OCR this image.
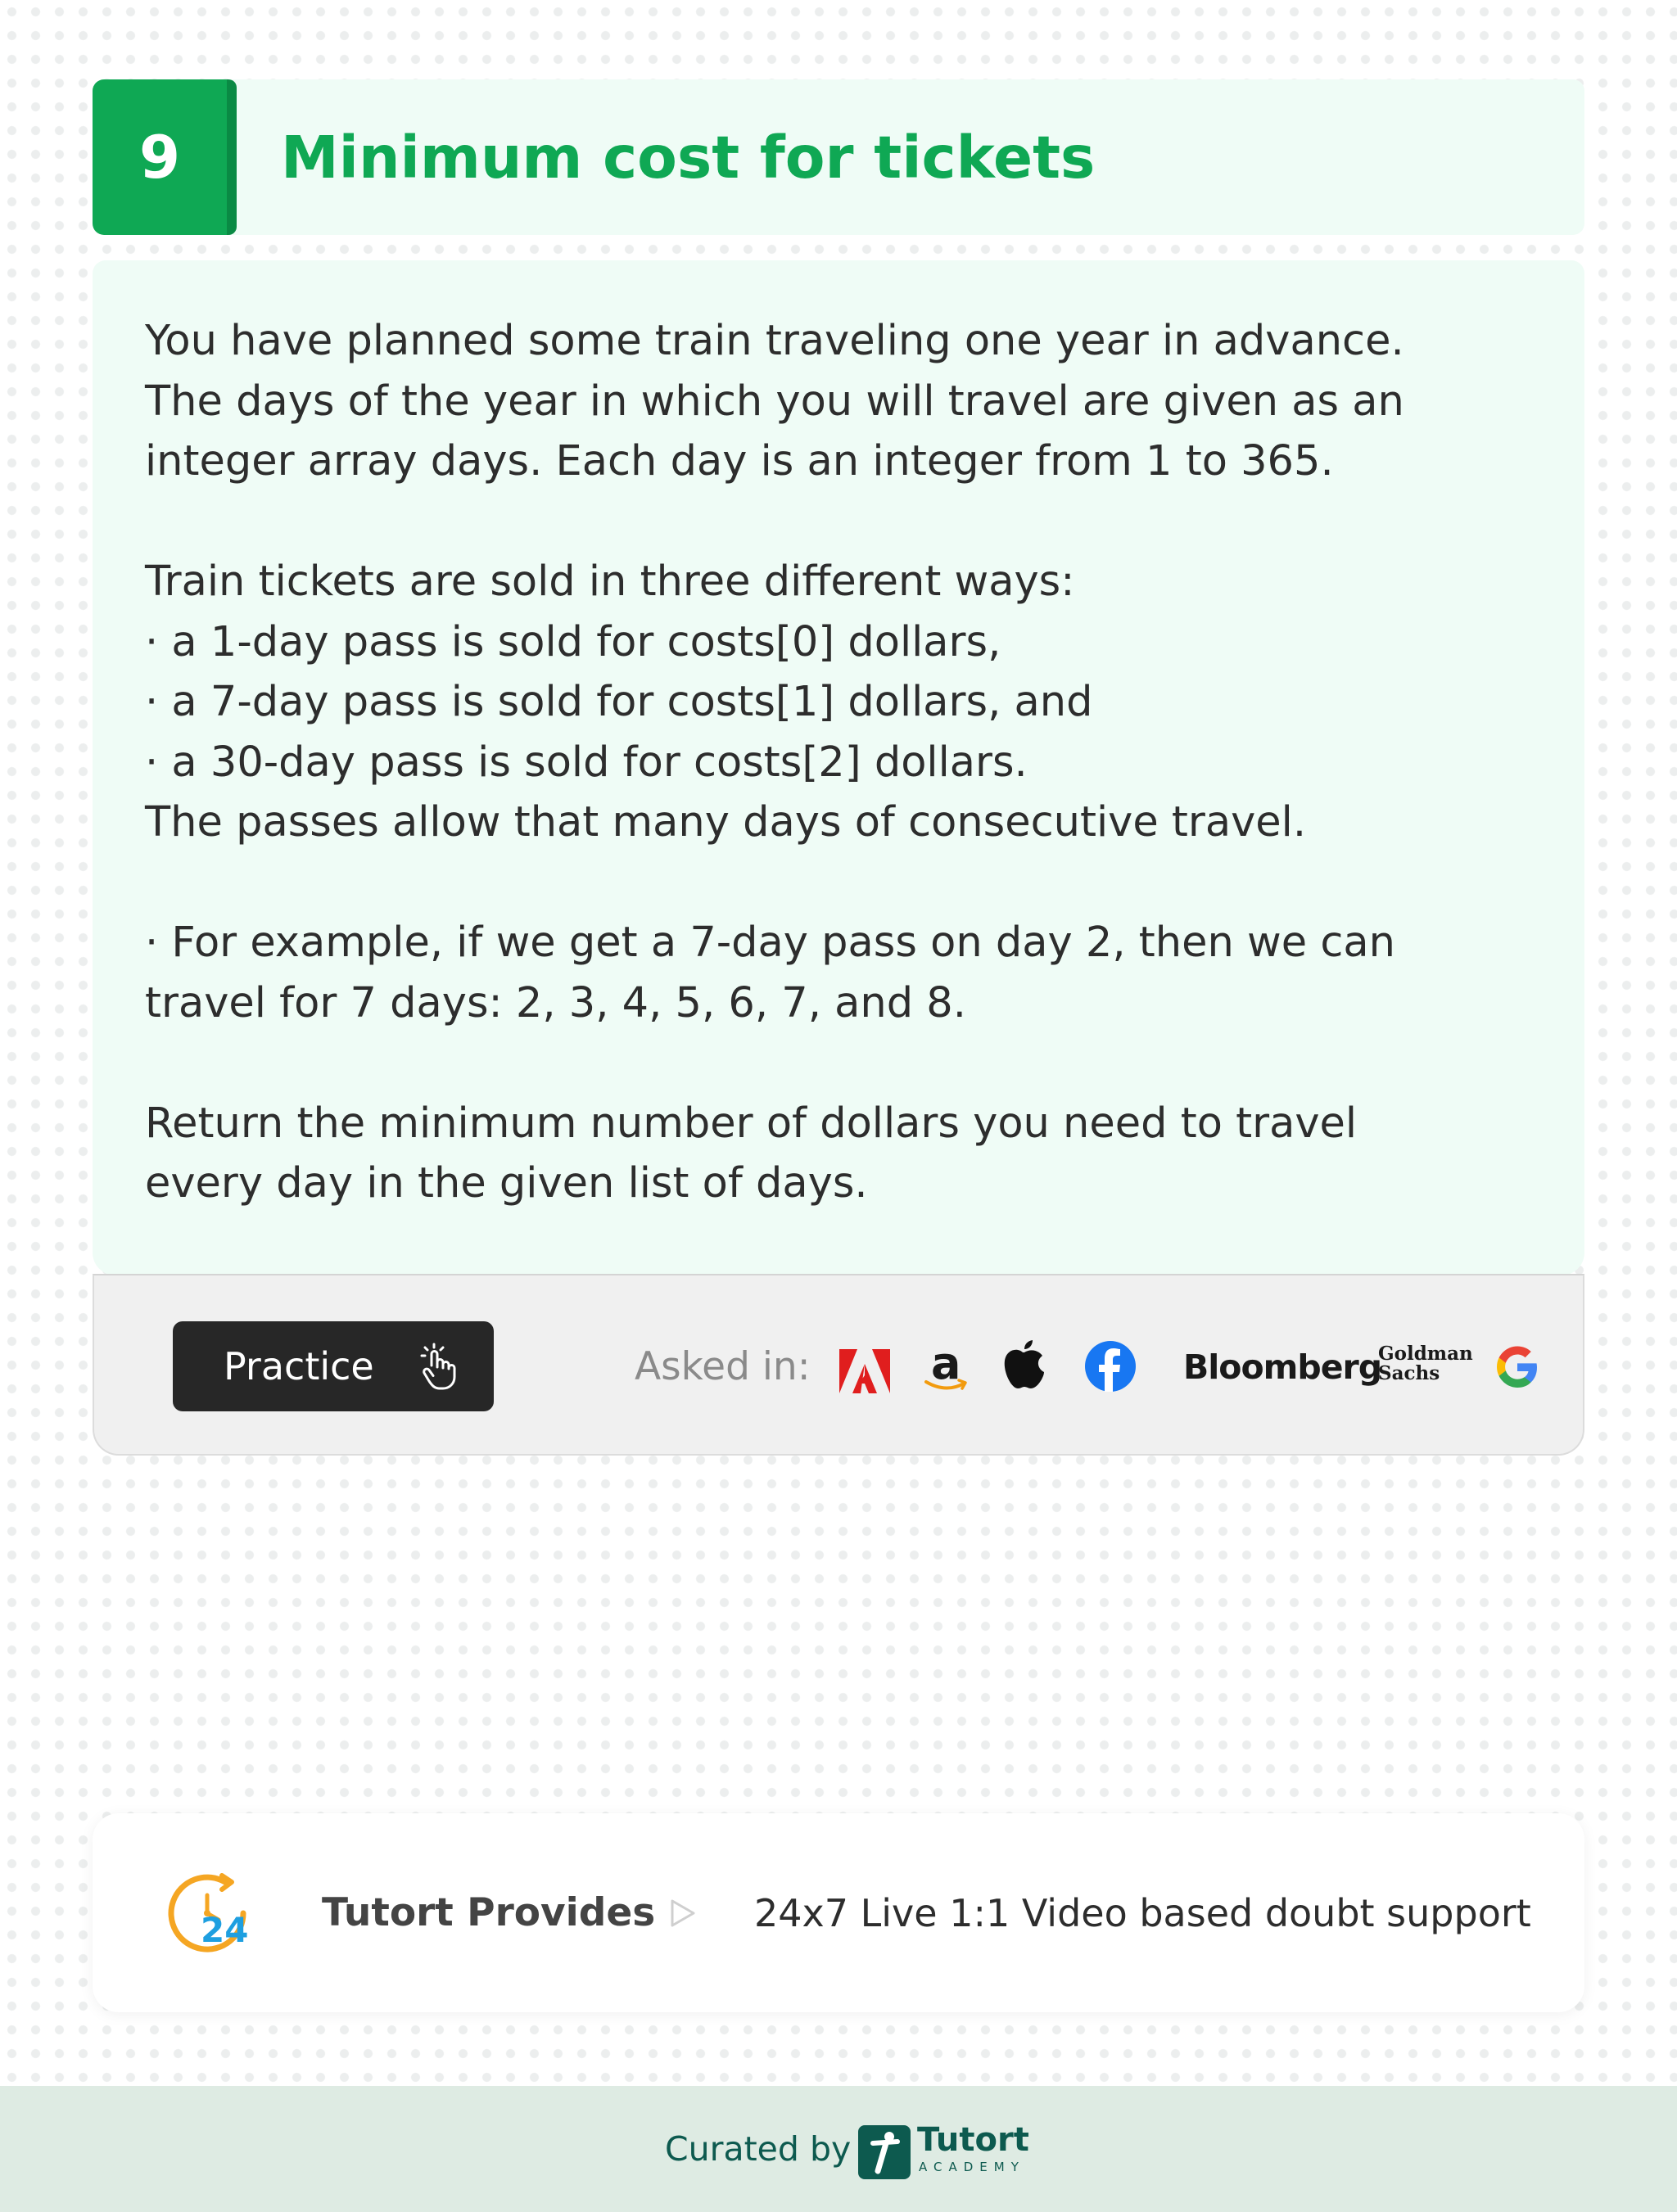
9	Minimum cost for tickets

You have planned some train traveling one year in advance.

The days of the year in which you will travel are given as an

integer array days. Each day is an integer from 1 to 365.

Train tickets are sold in three different ways:

· a 1-day pass is sold for costs[0] dollars,

· a 7-day pass is sold for costs[1] dollars, and

· a 30-day pass is sold for costs[2] dollars.

The passes allow that many days of consecutive travel.

· For example, if we get a 7-day pass on day 2, then we can

travel for 7 days: 2, 3, 4, 5, 6, 7, and 8.

Return the minimum number of dollars you need to travel

every day in the given list of days.

Practice	Asked in:	a	Bloomberg
Goldman
Sachs
24 Tutort Provides	24x7 Live 1:1 Video based doubt support
Curated by Tutort
ACADEMY
